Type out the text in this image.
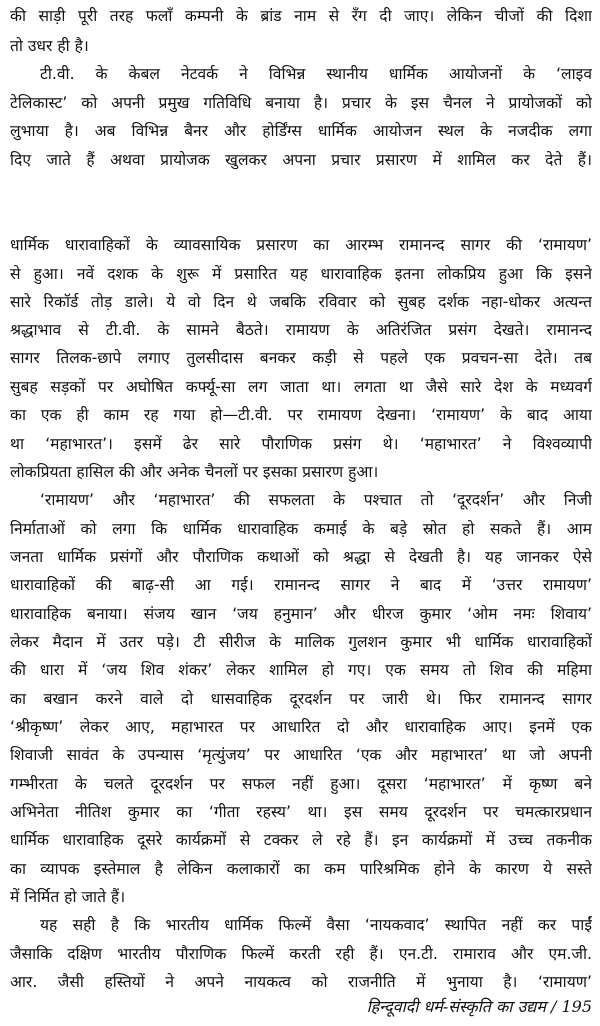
की साड़ी पूरी तरह फलाँ कम्पनी के ब्रांड नाम से रँग दी जाए। लेकिन चीजों की दिशा
तो उधर ही है।
टी.वी. के केबल नेटवर्क ने विभिन्न स्थानीय धार्मिक आयोजनों के ‘लाइव
टेलिकास्ट’ को अपनी प्रमुख गतिविधि बनाया है। प्रचार के इस चैनल ने प्रायोजकों को
लुभाया है। अब विभिन्न बैनर और होर्डिंग्स धार्मिक आयोजन स्थल के नजदीक लगा
दिए जाते हैं अथवा प्रायोजक खुलकर अपना प्रचार प्रसारण में शामिल कर देते हैं।
धार्मिक धारावाहिकों के व्यावसायिक प्रसारण का आरम्भ रामानन्द सागर की ‘रामायण’
से हुआ। नवें दशक के शुरू में प्रसारित यह धारावाहिक इतना लोकप्रिय हुआ कि इसने
सारे रिकॉर्ड तोड़ डाले। ये वो दिन थे जबकि रविवार को सुबह दर्शक नहा-धोकर अत्यन्त
श्रद्धाभाव से टी.वी. के सामने बैठते। रामायण के अतिरंजित प्रसंग देखते। रामानन्द
सागर तिलक-छापे लगाए तुलसीदास बनकर कड़ी से पहले एक प्रवचन-सा देते। तब
सुबह सड़कों पर अघोषित कर्फ्यू-सा लग जाता था। लगता था जैसे सारे देश के मध्यवर्ग
का एक ही काम रह गया हो—टी.वी. पर रामायण देखना। ‘रामायण’ के बाद आया
था ‘महाभारत’। इसमें ढेर सारे पौराणिक प्रसंग थे। ‘महाभारत’ ने विश्वव्यापी
लोकप्रियता हासिल की और अनेक चैनलों पर इसका प्रसारण हुआ।
‘रामायण’ और ‘महाभारत’ की सफलता के पश्चात तो ‘दूरदर्शन’ और निजी
निर्माताओं को लगा कि धार्मिक धारावाहिक कमाई के बड़े स्रोत हो सकते हैं। आम
जनता धार्मिक प्रसंगों और पौराणिक कथाओं को श्रद्धा से देखती है। यह जानकर ऐसे
धारावाहिकों की बाढ़-सी आ गई। रामानन्द सागर ने बाद में ‘उत्तर रामायण’
धारावाहिक बनाया। संजय खान ‘जय हनुमान’ और धीरज कुमार ‘ओम नमः शिवाय’
लेकर मैदान में उतर पड़े। टी सीरीज के मालिक गुलशन कुमार भी धार्मिक धारावाहिकों
की धारा में ‘जय शिव शंकर’ लेकर शामिल हो गए। एक समय तो शिव की महिमा
का बखान करने वाले दो धासवाहिक दूरदर्शन पर जारी थे। फिर रामानन्द सागर
‘श्रीकृष्ण’ लेकर आए, महाभारत पर आधारित दो और धारावाहिक आए। इनमें एक
शिवाजी सावंत के उपन्यास ‘मृत्युंजय’ पर आधारित ‘एक और महाभारत’ था जो अपनी
गम्भीरता के चलते दूरदर्शन पर सफल नहीं हुआ। दूसरा ‘महाभारत’ में कृष्ण बने
अभिनेता नीतिश कुमार का ‘गीता रहस्य’ था। इस समय दूरदर्शन पर चमत्कारप्रधान
धार्मिक धारावाहिक दूसरे कार्यक्रमों से टक्कर ले रहे हैं। इन कार्यक्रमों में उच्च तकनीक
का व्यापक इस्तेमाल है लेकिन कलाकारों का कम पारिश्रमिक होने के कारण ये सस्ते
में निर्मित हो जाते हैं।
यह सही है कि भारतीय धार्मिक फिल्में वैसा ‘नायकवाद’ स्थापित नहीं कर पाईं
जैसाकि दक्षिण भारतीय पौराणिक फिल्में करती रही हैं। एन.टी. रामाराव और एम.जी.
आर. जैसी हस्तियों ने अपने नायकत्व को राजनीति में भुनाया है। ‘रामायण’
हिन्दूवादी धर्म-संस्कृति का उद्यम / 195
